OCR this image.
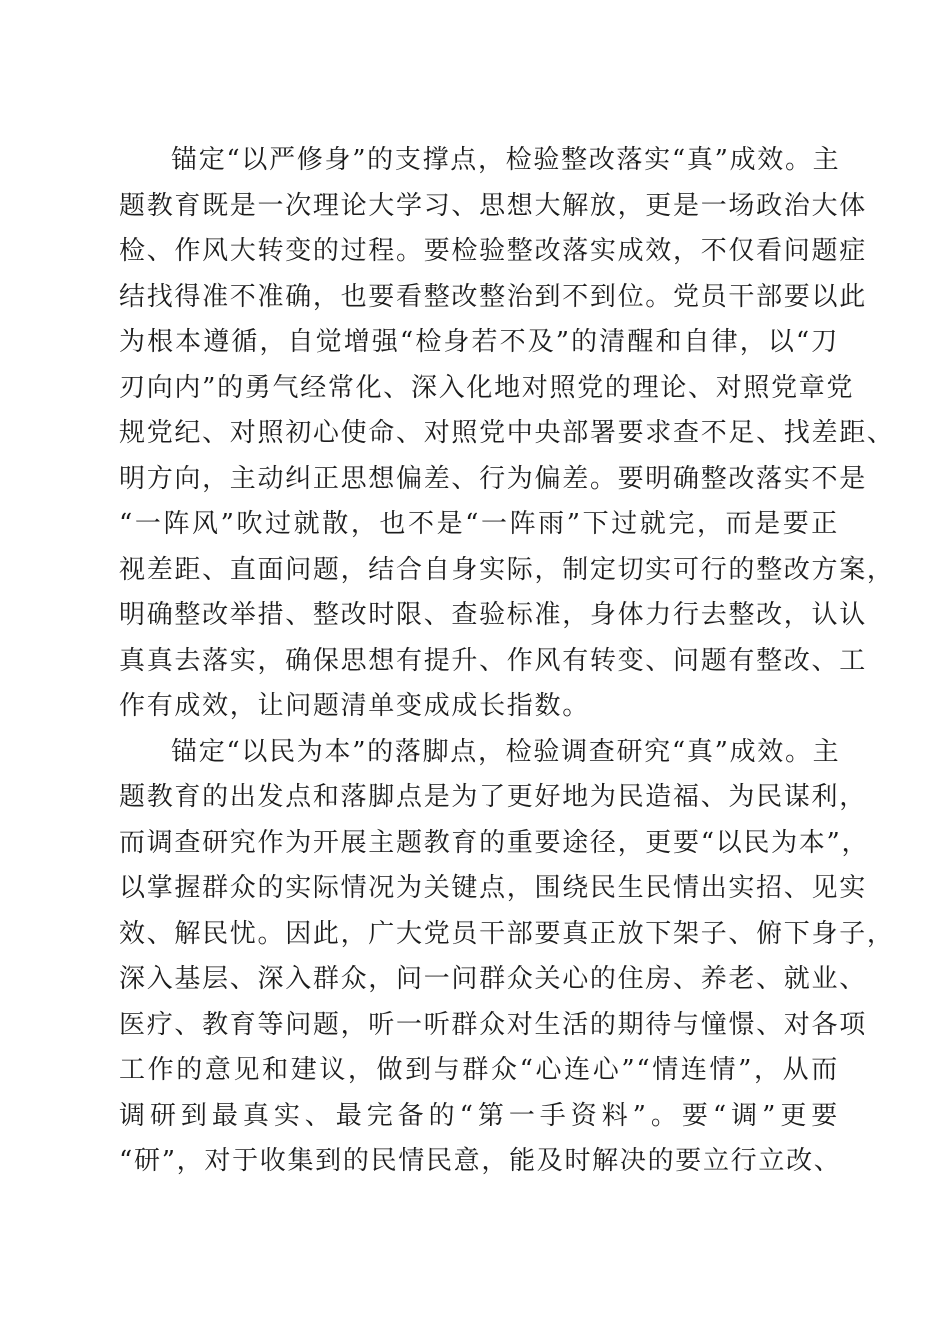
锚定“以严修身”的支撑点，检验整改落实“真”成效。主
题教育既是一次理论大学习、思想大解放，更是一场政治大体
检、作风大转变的过程。要检验整改落实成效，不仅看问题症
结找得准不准确，也要看整改整治到不到位。党员干部要以此
为根本遵循，自觉增强“检身若不及”的清醒和自律，以“刀
刃向内”的勇气经常化、深入化地对照党的理论、对照党章党
规党纪、对照初心使命、对照党中央部署要求查不足、找差距、
明方向，主动纠正思想偏差、行为偏差。要明确整改落实不是
“一阵风”吹过就散，也不是“一阵雨”下过就完，而是要正
视差距、直面问题，结合自身实际，制定切实可行的整改方案，
明确整改举措、整改时限、查验标准，身体力行去整改，认认
真真去落实，确保思想有提升、作风有转变、问题有整改、工
作有成效，让问题清单变成成长指数。
锚定“以民为本”的落脚点，检验调查研究“真”成效。主
题教育的出发点和落脚点是为了更好地为民造福、为民谋利，
而调查研究作为开展主题教育的重要途径，更要“以民为本”，
以掌握群众的实际情况为关键点，围绕民生民情出实招、见实
效、解民忧。因此，广大党员干部要真正放下架子、俯下身子，
深入基层、深入群众，问一问群众关心的住房、养老、就业、
医疗、教育等问题，听一听群众对生活的期待与憧憬、对各项
工作的意见和建议，做到与群众“心连心”“情连情”，从而
调研到最真实、最完备的“第一手资料”。要“调”更要
“研”，对于收集到的民情民意，能及时解决的要立行立改、
